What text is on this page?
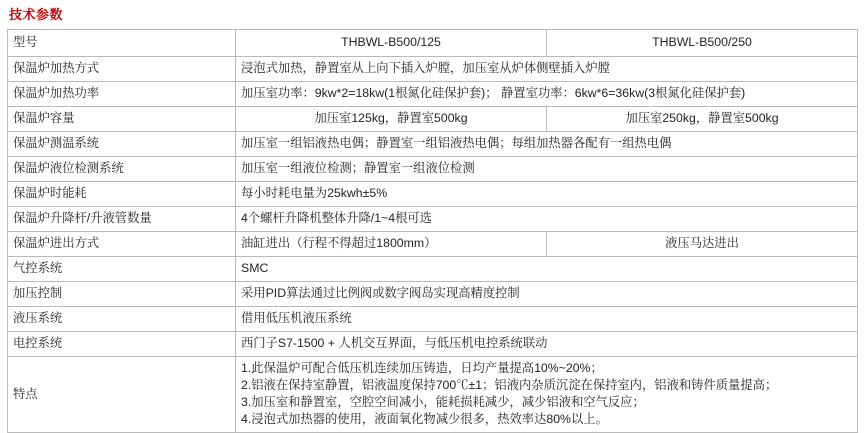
技术参数
型号	THBWL-B500/125	THBWL-B500/250
保温炉加热方式	浸泡式加热，静置室从上向下插入炉膛，加压室从炉体侧壁插入炉膛	
保温炉加热功率	加压室功率：9kw*2=18kw(1根氮化硅保护套)； 静置室功率：6kw*6=36kw(3根氮化硅保护套)	
保温炉容量	加压室125kg，静置室500kg	加压室250kg，静置室500kg
保温炉测温系统	加压室一组铝液热电偶；静置室一组铝液热电偶；每组加热器各配有一组热电偶	
保温炉液位检测系统	加压室一组液位检测；静置室一组液位检测	
保温炉时能耗	每小时耗电量为25kwh±5%	
保温炉升降杆/升液管数量	4个螺杆升降机整体升降/1~4根可选	
保温炉进出方式	油缸进出（行程不得超过1800mm）	液压马达进出
气控系统	SMC	
加压控制	采用PID算法通过比例阀或数字阀岛实现高精度控制	
液压系统	借用低压机液压系统	
电控系统	西门子S7-1500 + 人机交互界面，与低压机电控系统联动	
特点	1.此保温炉可配合低压机连续加压铸造，日均产量提高10%~20%；
2.铝液在保持室静置，铝液温度保持700℃±1；铝液内杂质沉淀在保持室内，铝液和铸件质量提高；
3.加压室和静置室，空腔空间减小，能耗损耗减少，减少铝液和空气反应；
4.浸泡式加热器的使用，液面氧化物减少很多，热效率达80%以上。	
